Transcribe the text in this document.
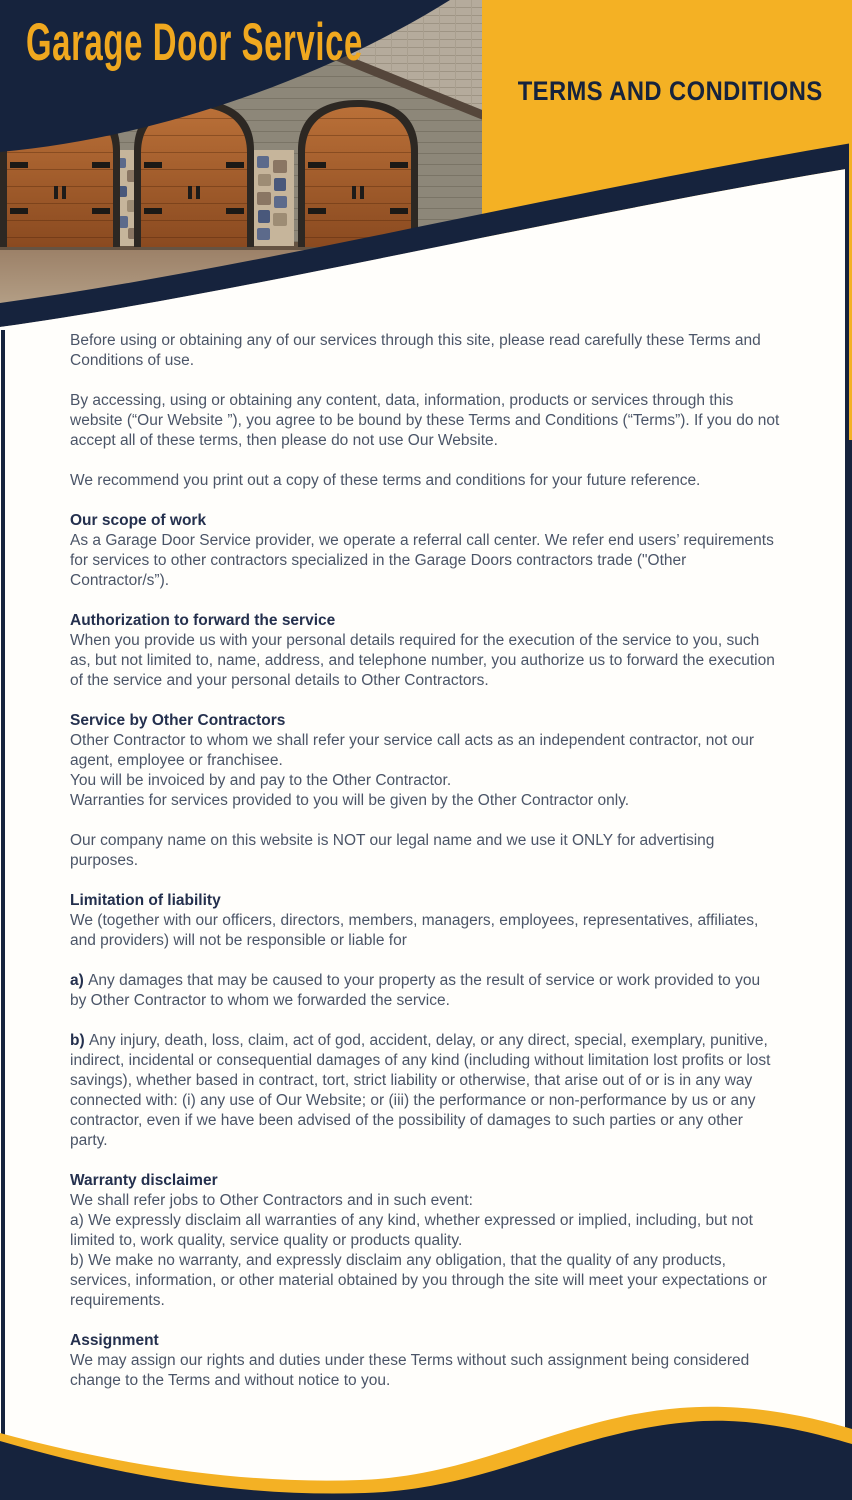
Garage Door Service
TERMS AND CONDITIONS

Before using or obtaining any of our services through this site, please read carefully these Terms and Conditions of use.

By accessing, using or obtaining any content, data, information, products or services through this website (“Our Website ”), you agree to be bound by these Terms and Conditions (“Terms”). If you do not accept all of these terms, then please do not use Our Website.

We recommend you print out a copy of these terms and conditions for your future reference.

Our scope of work

As a Garage Door Service provider, we operate a referral call center. We refer end users’ requirements for services to other contractors specialized in the Garage Doors contractors trade ("Other Contractor/s”).

Authorization to forward the service

When you provide us with your personal details required for the execution of the service to you, such as, but not limited to, name, address, and telephone number, you authorize us to forward the execution of the service and your personal details to Other Contractors.

Service by Other Contractors

Other Contractor to whom we shall refer your service call acts as an independent contractor, not our agent, employee or franchisee.

You will be invoiced by and pay to the Other Contractor.

Warranties for services provided to you will be given by the Other Contractor only.

Our company name on this website is NOT our legal name and we use it ONLY for advertising purposes.

Limitation of liability

We (together with our officers, directors, members, managers, employees, representatives, affiliates, and providers) will not be responsible or liable for

a) Any damages that may be caused to your property as the result of service or work provided to you by Other Contractor to whom we forwarded the service.

b) Any injury, death, loss, claim, act of god, accident, delay, or any direct, special, exemplary, punitive, indirect, incidental or consequential damages of any kind (including without limitation lost profits or lost savings), whether based in contract, tort, strict liability or otherwise, that arise out of or is in any way connected with: (i) any use of Our Website; or (iii) the performance or non-performance by us or any contractor, even if we have been advised of the possibility of damages to such parties or any other party.

Warranty disclaimer

We shall refer jobs to Other Contractors and in such event:

a) We expressly disclaim all warranties of any kind, whether expressed or implied, including, but not limited to, work quality, service quality or products quality.

b) We make no warranty, and expressly disclaim any obligation, that the quality of any products, services, information, or other material obtained by you through the site will meet your expectations or requirements.

Assignment

We may assign our rights and duties under these Terms without such assignment being considered change to the Terms and without notice to you.
